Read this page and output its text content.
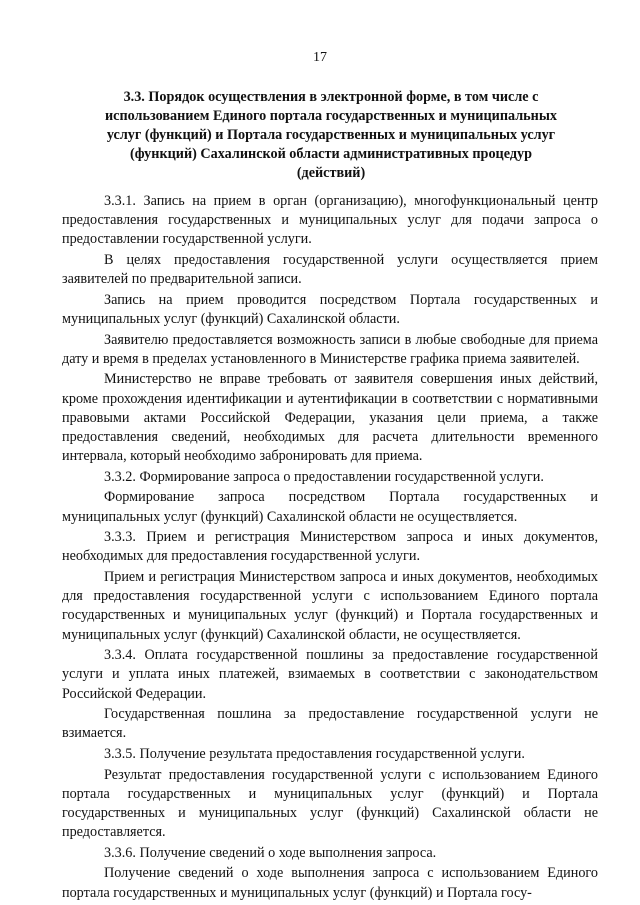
17
3.3. Порядок осуществления в электронной форме, в том числе с использованием Единого портала государственных и муниципальных услуг (функций) и Портала государственных и муниципальных услуг (функций) Сахалинской области административных процедур (действий)

3.3.1. Запись на прием в орган (организацию), многофункциональный центр предоставления государственных и муниципальных услуг для подачи запроса о предоставлении государственной услуги.

В целях предоставления государственной услуги осуществляется прием заявителей по предварительной записи.

Запись на прием проводится посредством Портала государственных и муниципальных услуг (функций) Сахалинской области.

Заявителю предоставляется возможность записи в любые свободные для приема дату и время в пределах установленного в Министерстве графика приема заявителей.

Министерство не вправе требовать от заявителя совершения иных действий, кроме прохождения идентификации и аутентификации в соответствии с нормативными правовыми актами Российской Федерации, указания цели приема, а также предоставления сведений, необходимых для расчета длительности временного интервала, который необходимо забронировать для приема.

3.3.2. Формирование запроса о предоставлении государственной услуги.

Формирование запроса посредством Портала государственных и муниципальных услуг (функций) Сахалинской области не осуществляется.

3.3.3. Прием и регистрация Министерством запроса и иных документов, необходимых для предоставления государственной услуги.

Прием и регистрация Министерством запроса и иных документов, необходимых для предоставления государственной услуги с использованием Единого портала государственных и муниципальных услуг (функций) и Портала государственных и муниципальных услуг (функций) Сахалинской области, не осуществляется.

3.3.4. Оплата государственной пошлины за предоставление государственной услуги и уплата иных платежей, взимаемых в соответствии с законодательством Российской Федерации.

Государственная пошлина за предоставление государственной услуги не взимается.

3.3.5. Получение результата предоставления государственной услуги.

Результат предоставления государственной услуги с использованием Единого портала государственных и муниципальных услуг (функций) и Портала государственных и муниципальных услуг (функций) Сахалинской области не предоставляется.

3.3.6. Получение сведений о ходе выполнения запроса.

Получение сведений о ходе выполнения запроса с использованием Единого портала государственных и муниципальных услуг (функций) и Портала госу-
